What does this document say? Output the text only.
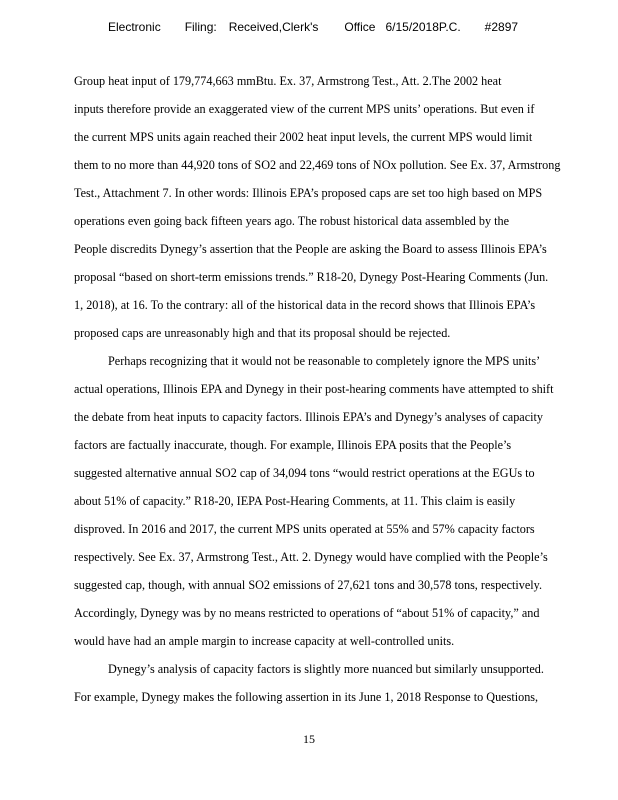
Electronic Filing: Received,Clerk's Office 6/15/2018P.C. #2897
Group heat input of 179,774,663 mmBtu. Ex. 37, Armstrong Test., Att. 2.The 2002 heat
inputs therefore provide an exaggerated view of the current MPS units’ operations. But even if
the current MPS units again reached their 2002 heat input levels, the current MPS would limit
them to no more than 44,920 tons of SO2 and 22,469 tons of NOx pollution. See Ex. 37, Armstrong
Test., Attachment 7. In other words: Illinois EPA’s proposed caps are set too high based on MPS
operations even going back fifteen years ago. The robust historical data assembled by the
People discredits Dynegy’s assertion that the People are asking the Board to assess Illinois EPA’s
proposal “based on short-term emissions trends.” R18-20, Dynegy Post-Hearing Comments (Jun.
1, 2018), at 16. To the contrary: all of the historical data in the record shows that Illinois EPA’s
proposed caps are unreasonably high and that its proposal should be rejected.
Perhaps recognizing that it would not be reasonable to completely ignore the MPS units’
actual operations, Illinois EPA and Dynegy in their post-hearing comments have attempted to shift
the debate from heat inputs to capacity factors. Illinois EPA’s and Dynegy’s analyses of capacity
factors are factually inaccurate, though. For example, Illinois EPA posits that the People’s
suggested alternative annual SO2 cap of 34,094 tons “would restrict operations at the EGUs to
about 51% of capacity.” R18-20, IEPA Post-Hearing Comments, at 11. This claim is easily
disproved. In 2016 and 2017, the current MPS units operated at 55% and 57% capacity factors
respectively. See Ex. 37, Armstrong Test., Att. 2. Dynegy would have complied with the People’s
suggested cap, though, with annual SO2 emissions of 27,621 tons and 30,578 tons, respectively.
Accordingly, Dynegy was by no means restricted to operations of “about 51% of capacity,” and
would have had an ample margin to increase capacity at well-controlled units.
Dynegy’s analysis of capacity factors is slightly more nuanced but similarly unsupported.
For example, Dynegy makes the following assertion in its June 1, 2018 Response to Questions,
15
